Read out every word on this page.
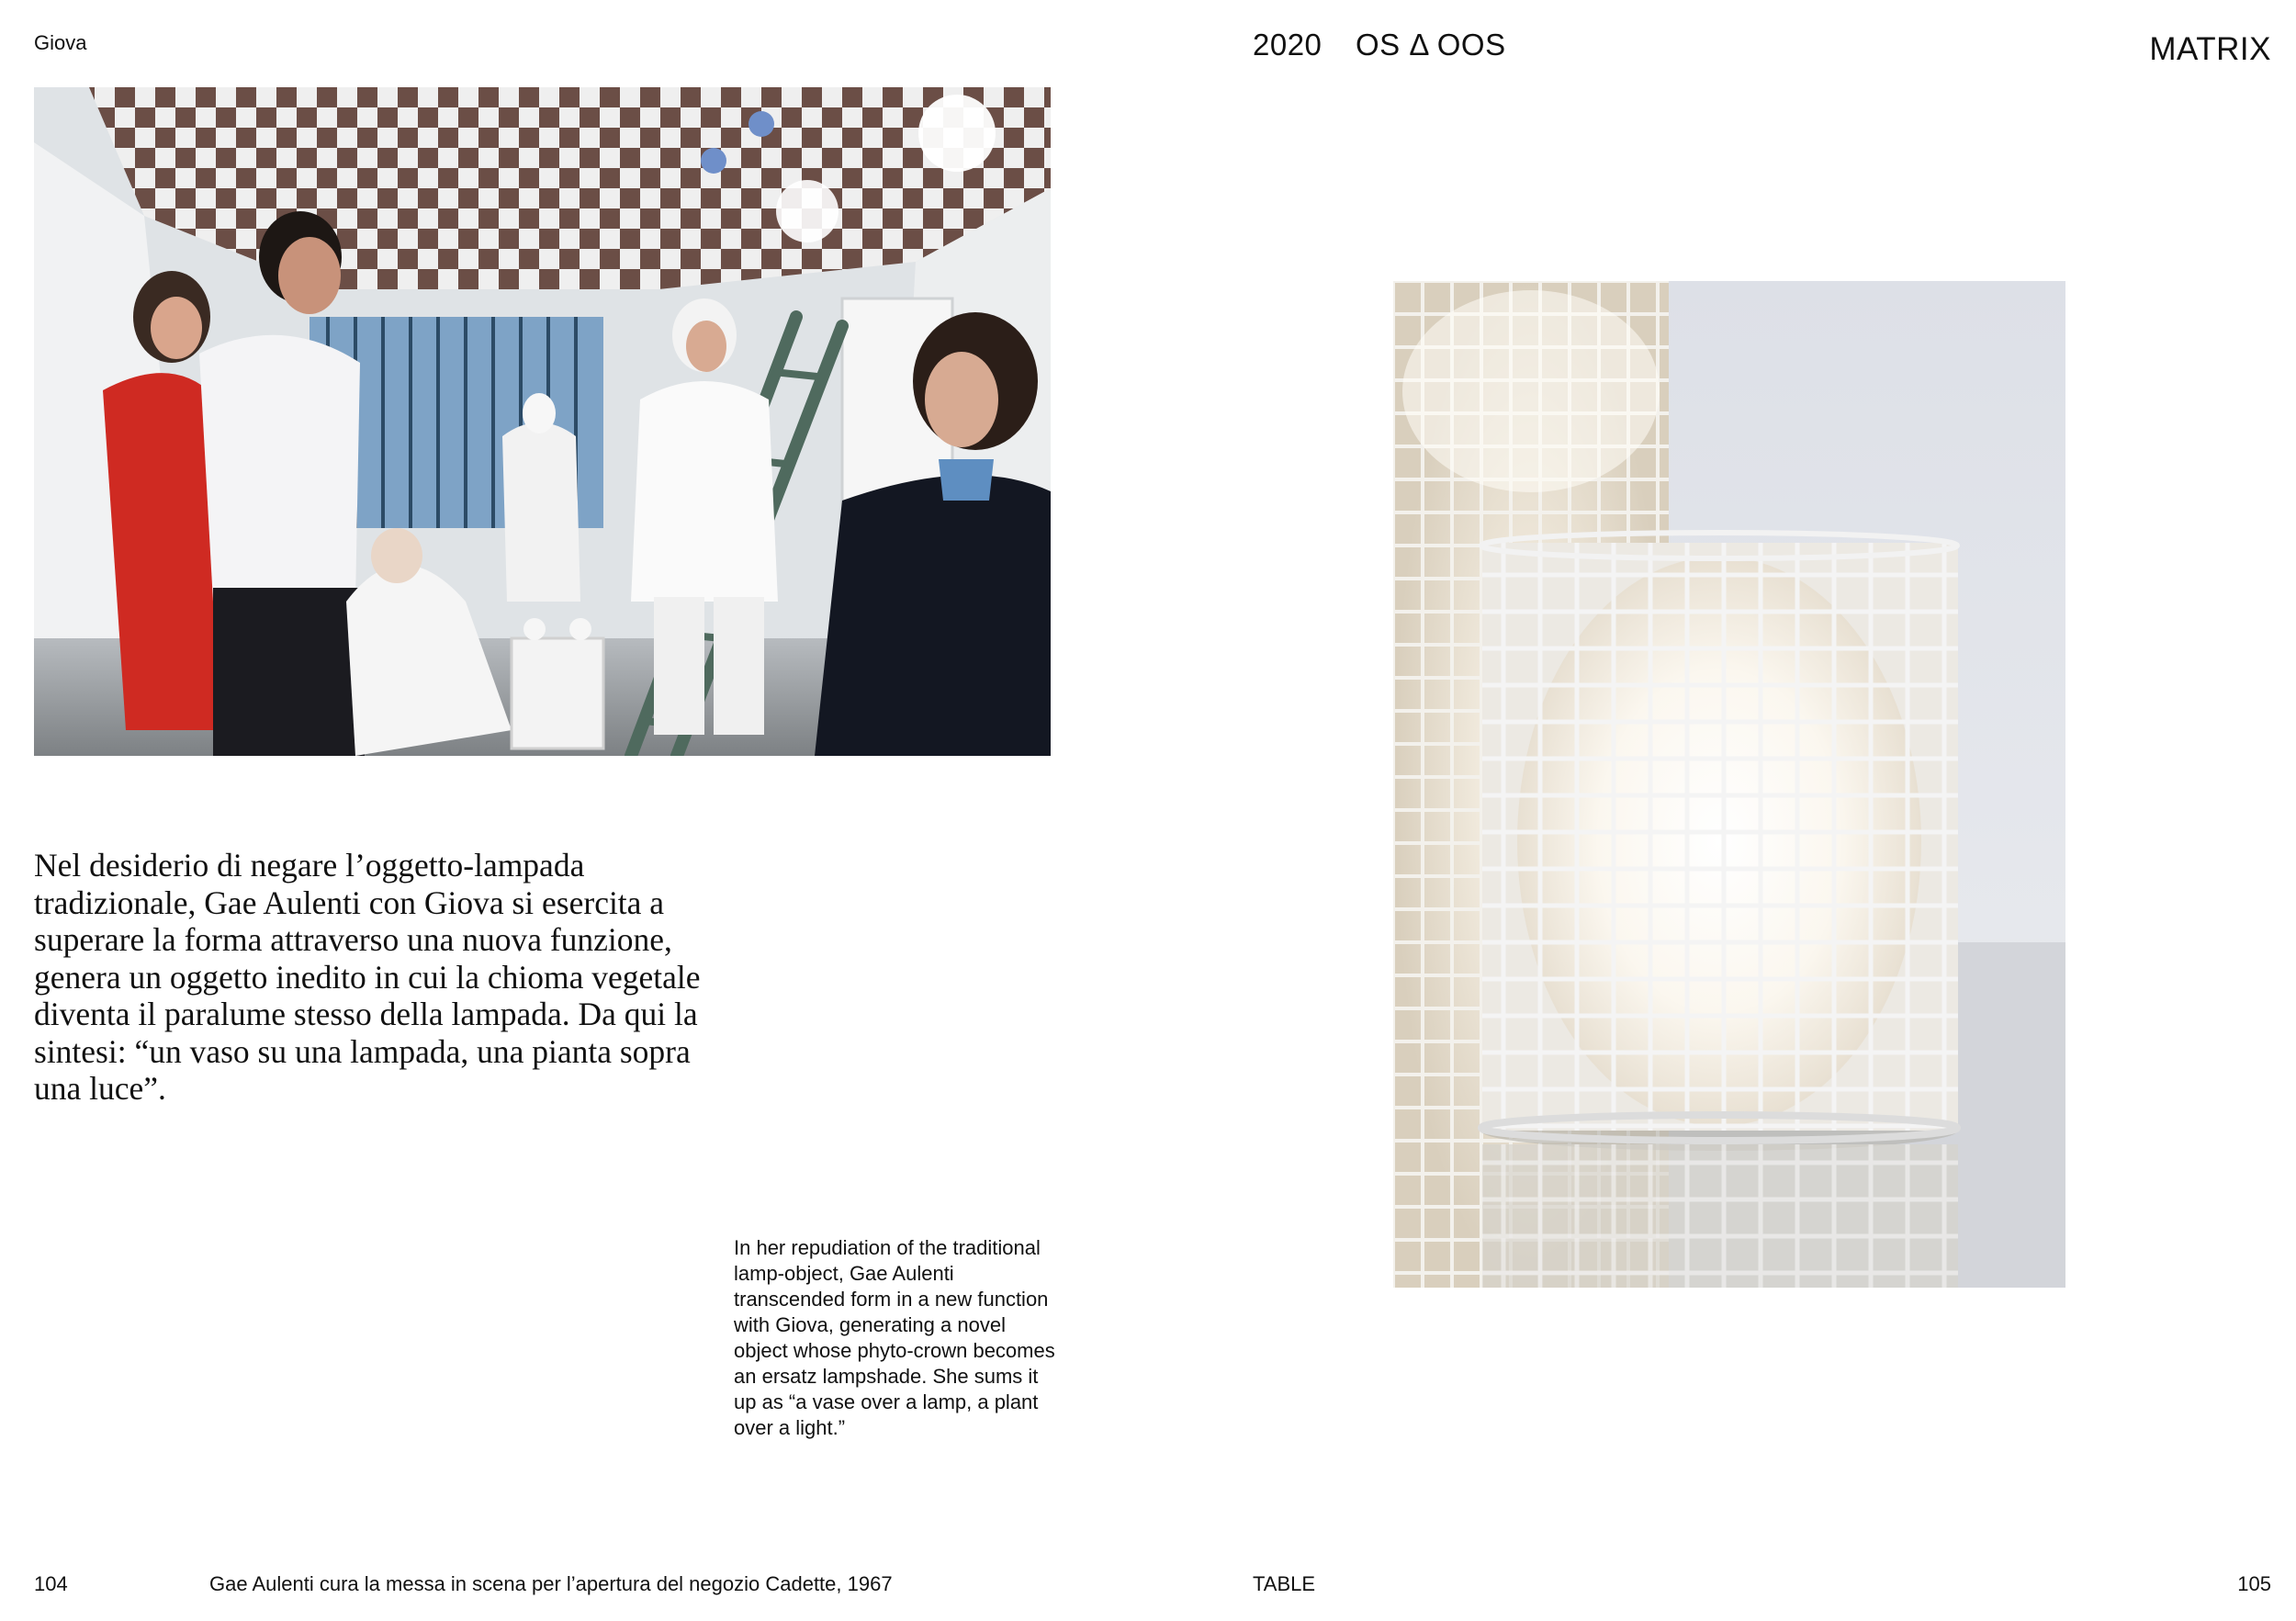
Giova
Nel desiderio di negare l’oggetto-lampada tradizionale, Gae Aulenti con Giova si esercita a superare la forma attraverso una nuova funzione, genera un oggetto inedito in cui la chioma vegetale diventa il paralume stesso della lampada. Da qui la sintesi: “un vaso su una lampada, una pianta sopra una luce”.
In her repudiation of the traditional lamp-object, Gae Aulenti transcended form in a new function with Giova, generating a novel object whose phyto-crown becomes an ersatz lampshade. She sums it up as “a vase over a lamp, a plant over a light.”
104	Gae Aulenti cura la messa in scena per l’apertura del negozio Cadette, 1967
2020 OS Δ OOS	MATRIX
TABLE	105
